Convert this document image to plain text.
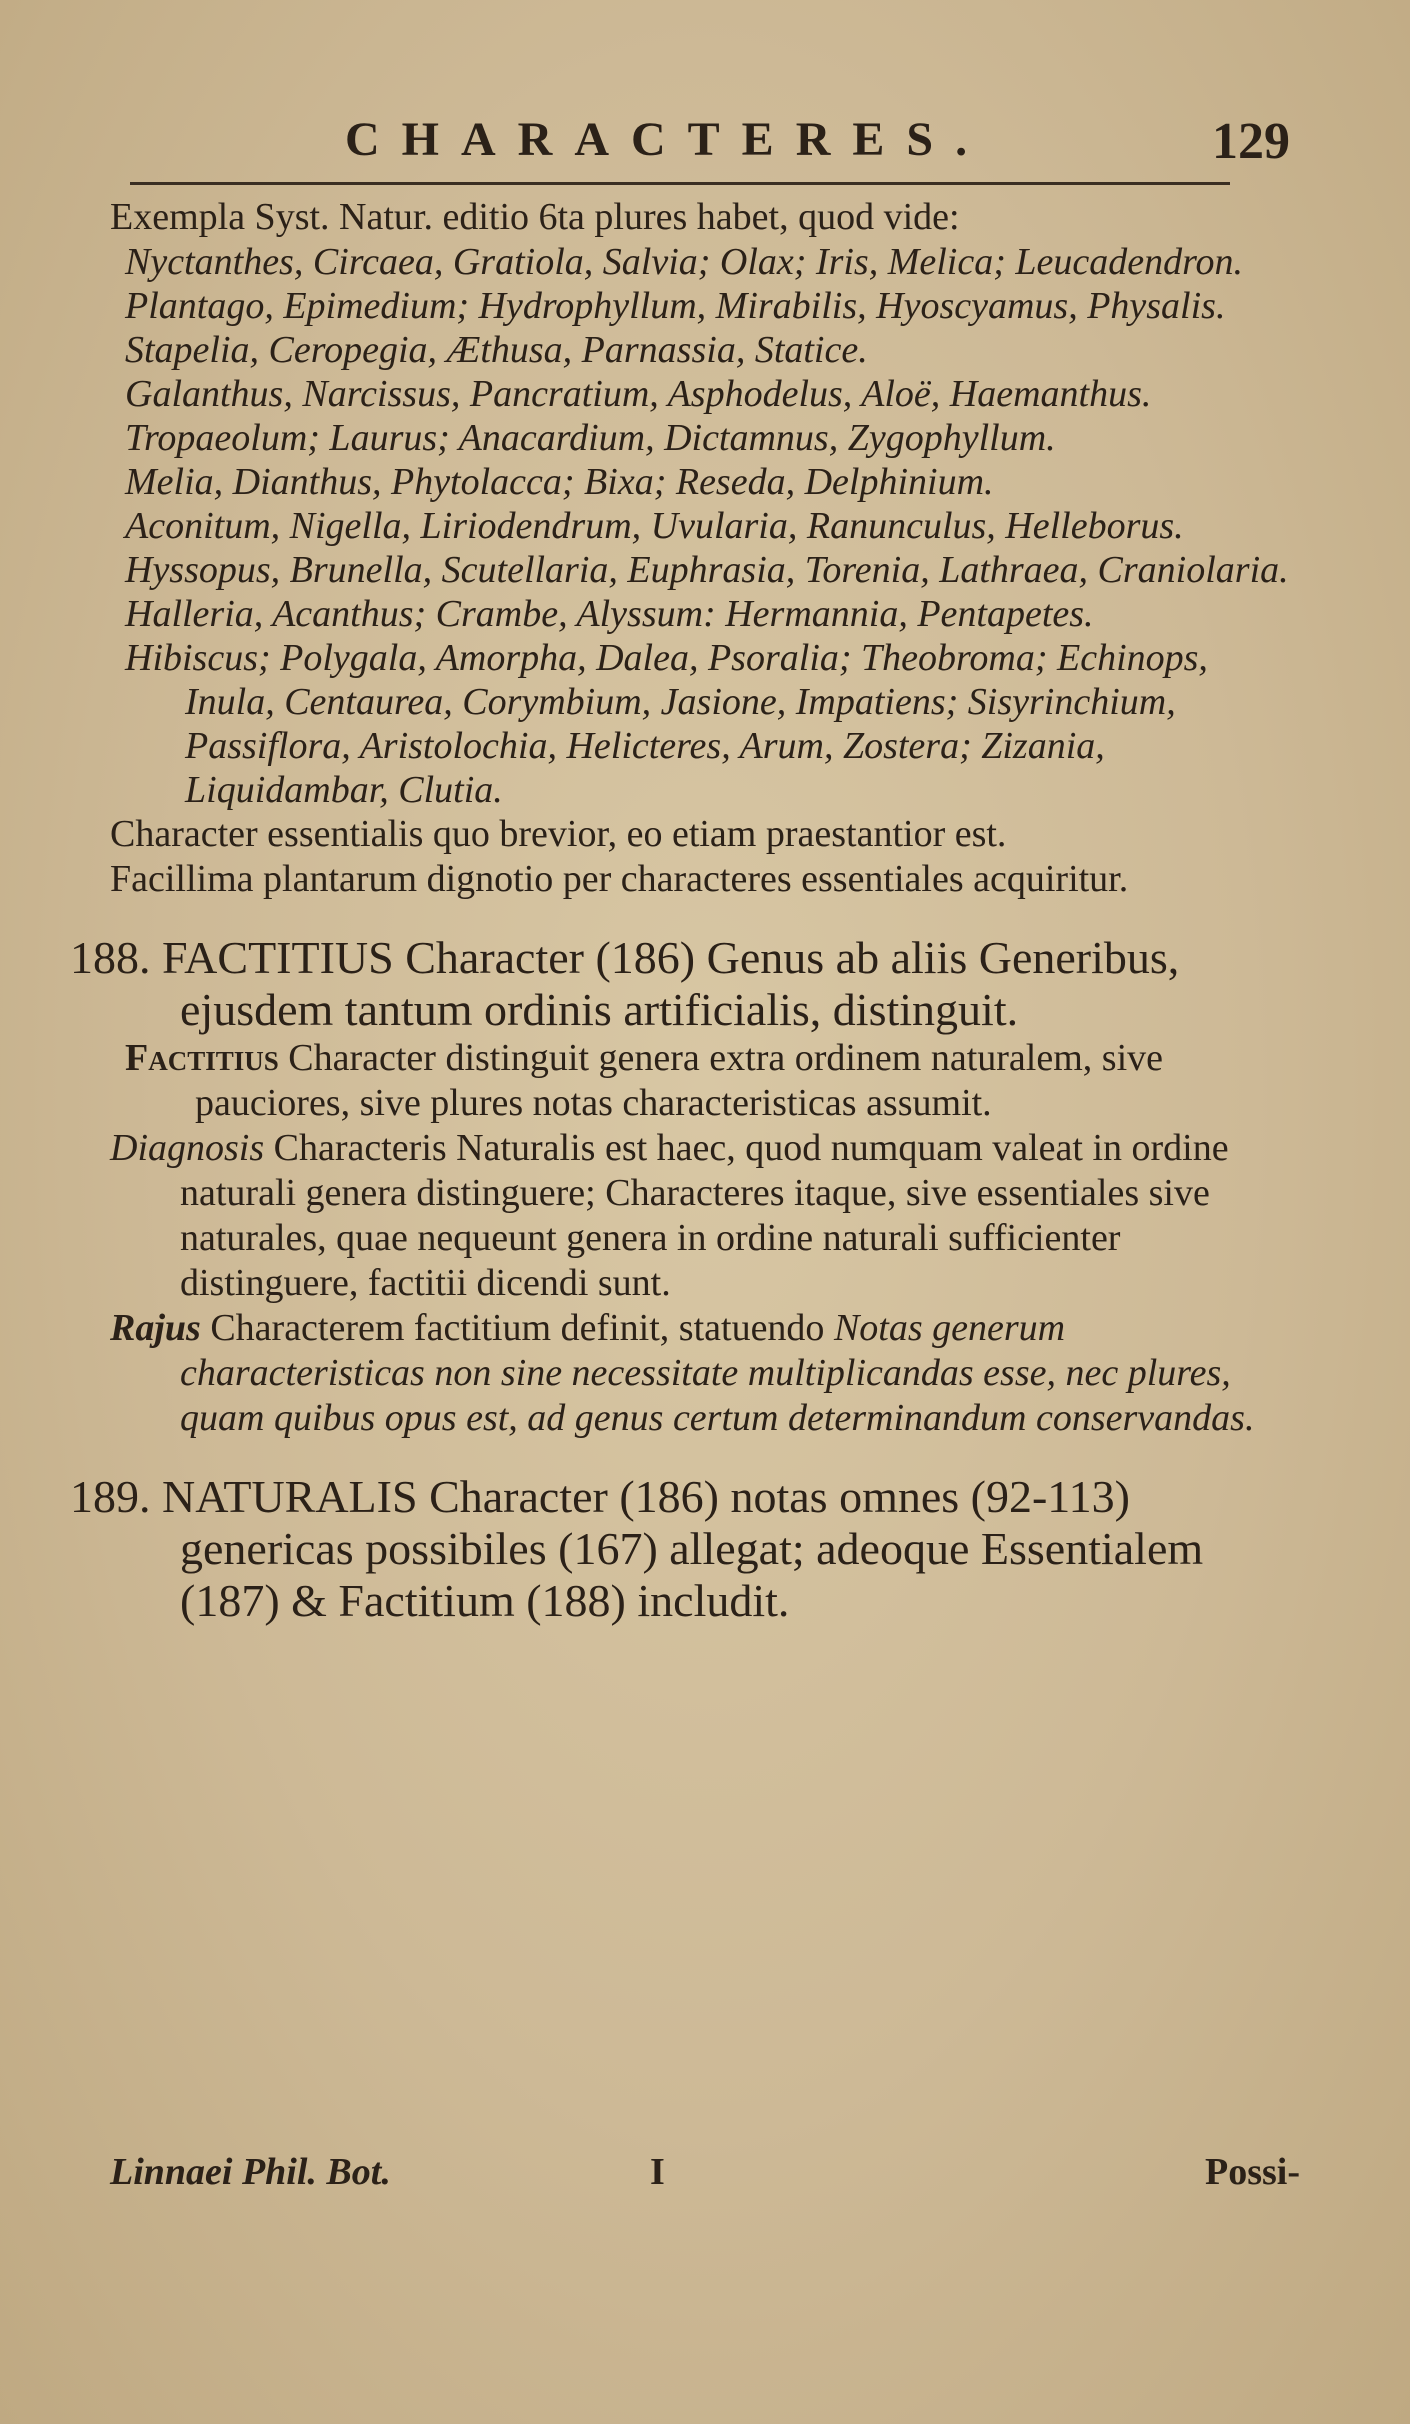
CHARACTERES.	129

Exempla Syst. Natur. editio 6ta plures habet, quod vide:

Nyctanthes, Circaea, Gratiola, Salvia; Olax; Iris, Melica; Leucadendron.

Plantago, Epimedium; Hydrophyllum, Mirabilis, Hyoscyamus, Physalis.

Stapelia, Ceropegia, Æthusa, Parnassia, Statice.

Galanthus, Narcissus, Pancratium, Asphodelus, Aloë, Haemanthus.

Tropaeolum; Laurus; Anacardium, Dictamnus, Zygophyllum.

Melia, Dianthus, Phytolacca; Bixa; Reseda, Delphinium.

Aconitum, Nigella, Liriodendrum, Uvularia, Ranunculus, Helleborus.

Hyssopus, Brunella, Scutellaria, Euphrasia, Torenia, Lathraea, Craniolaria.

Halleria, Acanthus; Crambe, Alyssum: Hermannia, Pentapetes.

Hibiscus; Polygala, Amorpha, Dalea, Psoralia; Theobroma; Echinops, Inula, Centaurea, Corymbium, Jasione, Impatiens; Sisyrinchium, Passiflora, Aristolochia, Helicteres, Arum, Zostera; Zizania, Liquidambar, Clutia.

Character essentialis quo brevior, eo etiam praestantior est.

Facillima plantarum dignotio per characteres essentiales acquiritur.

188. FACTITIUS Character (186) Genus ab aliis Generibus, ejusdem tantum ordinis artificialis, distinguit.

Factitius Character distinguit genera extra ordinem naturalem, sive pauciores, sive plures notas characteristicas assumit.

Diagnosis Characteris Naturalis est haec, quod numquam valeat in ordine naturali genera distinguere; Characteres itaque, sive essentiales sive naturales, quae nequeunt genera in ordine naturali sufficienter distinguere, factitii dicendi sunt.

Rajus Characterem factitium definit, statuendo Notas generum characteristicas non sine necessitate multiplicandas esse, nec plures, quam quibus opus est, ad genus certum determinandum conservandas.

189. NATURALIS Character (186) notas omnes (92-113) genericas possibiles (167) allegat; adeoque Essentialem (187) & Factitium (188) includit.

Linnaei Phil. Bot.	I	Possi-
